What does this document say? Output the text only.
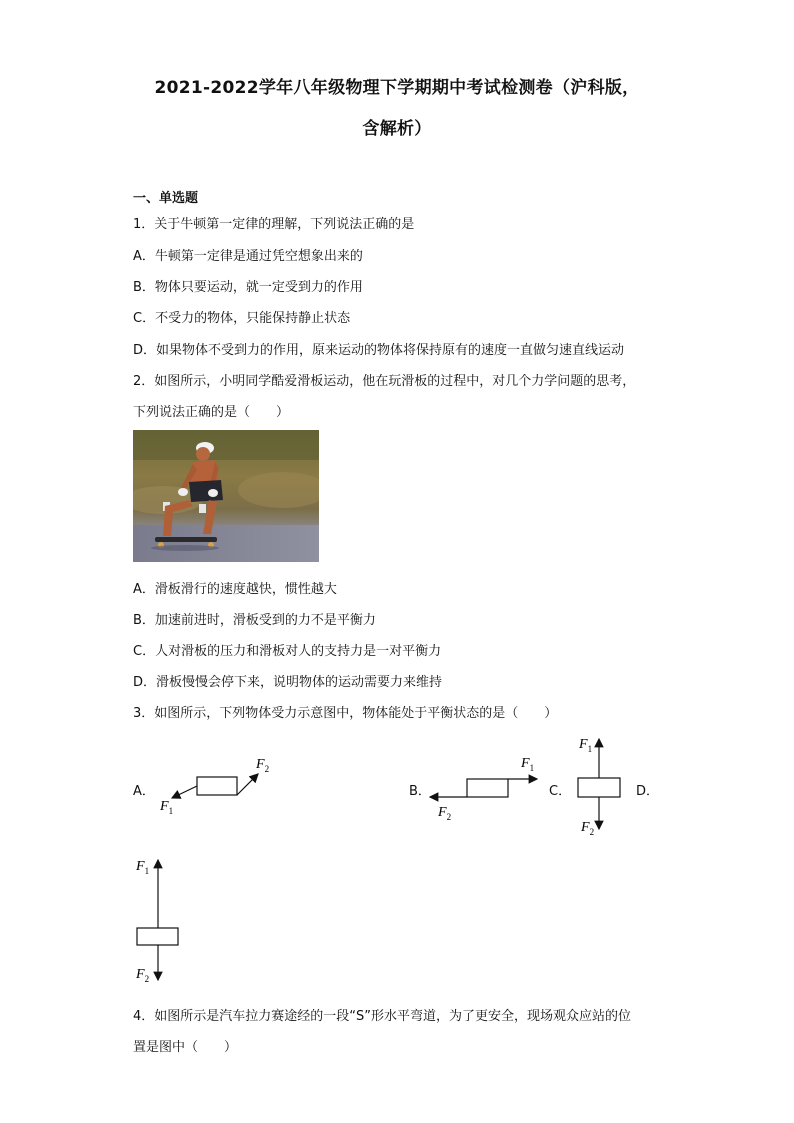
2021-2022学年八年级物理下学期期中考试检测卷（沪科版，
含解析）
一、单选题
1．关于牛顿第一定律的理解，下列说法正确的是
A．牛顿第一定律是通过凭空想象出来的
B．物体只要运动，就一定受到力的作用
C．不受力的物体，只能保持静止状态
D．如果物体不受到力的作用，原来运动的物体将保持原有的速度一直做匀速直线运动
2．如图所示，小明同学酷爱滑板运动，他在玩滑板的过程中，对几个力学问题的思考，
下列说法正确的是（　　）
A．滑板滑行的速度越快，惯性越大
B．加速前进时，滑板受到的力不是平衡力
C．人对滑板的压力和滑板对人的支持力是一对平衡力
D．滑板慢慢会停下来，说明物体的运动需要力来维持
3．如图所示，下列物体受力示意图中，物体能处于平衡状态的是（　　）
A．	B．	C．	D．
$F_2$
$F_1$
$F_1$
$F_2$
$F_1$
$F_2$
$F_1$
$F_2$
4．如图所示是汽车拉力赛途经的一段“S”形水平弯道，为了更安全，现场观众应站的位
置是图中（　　）
